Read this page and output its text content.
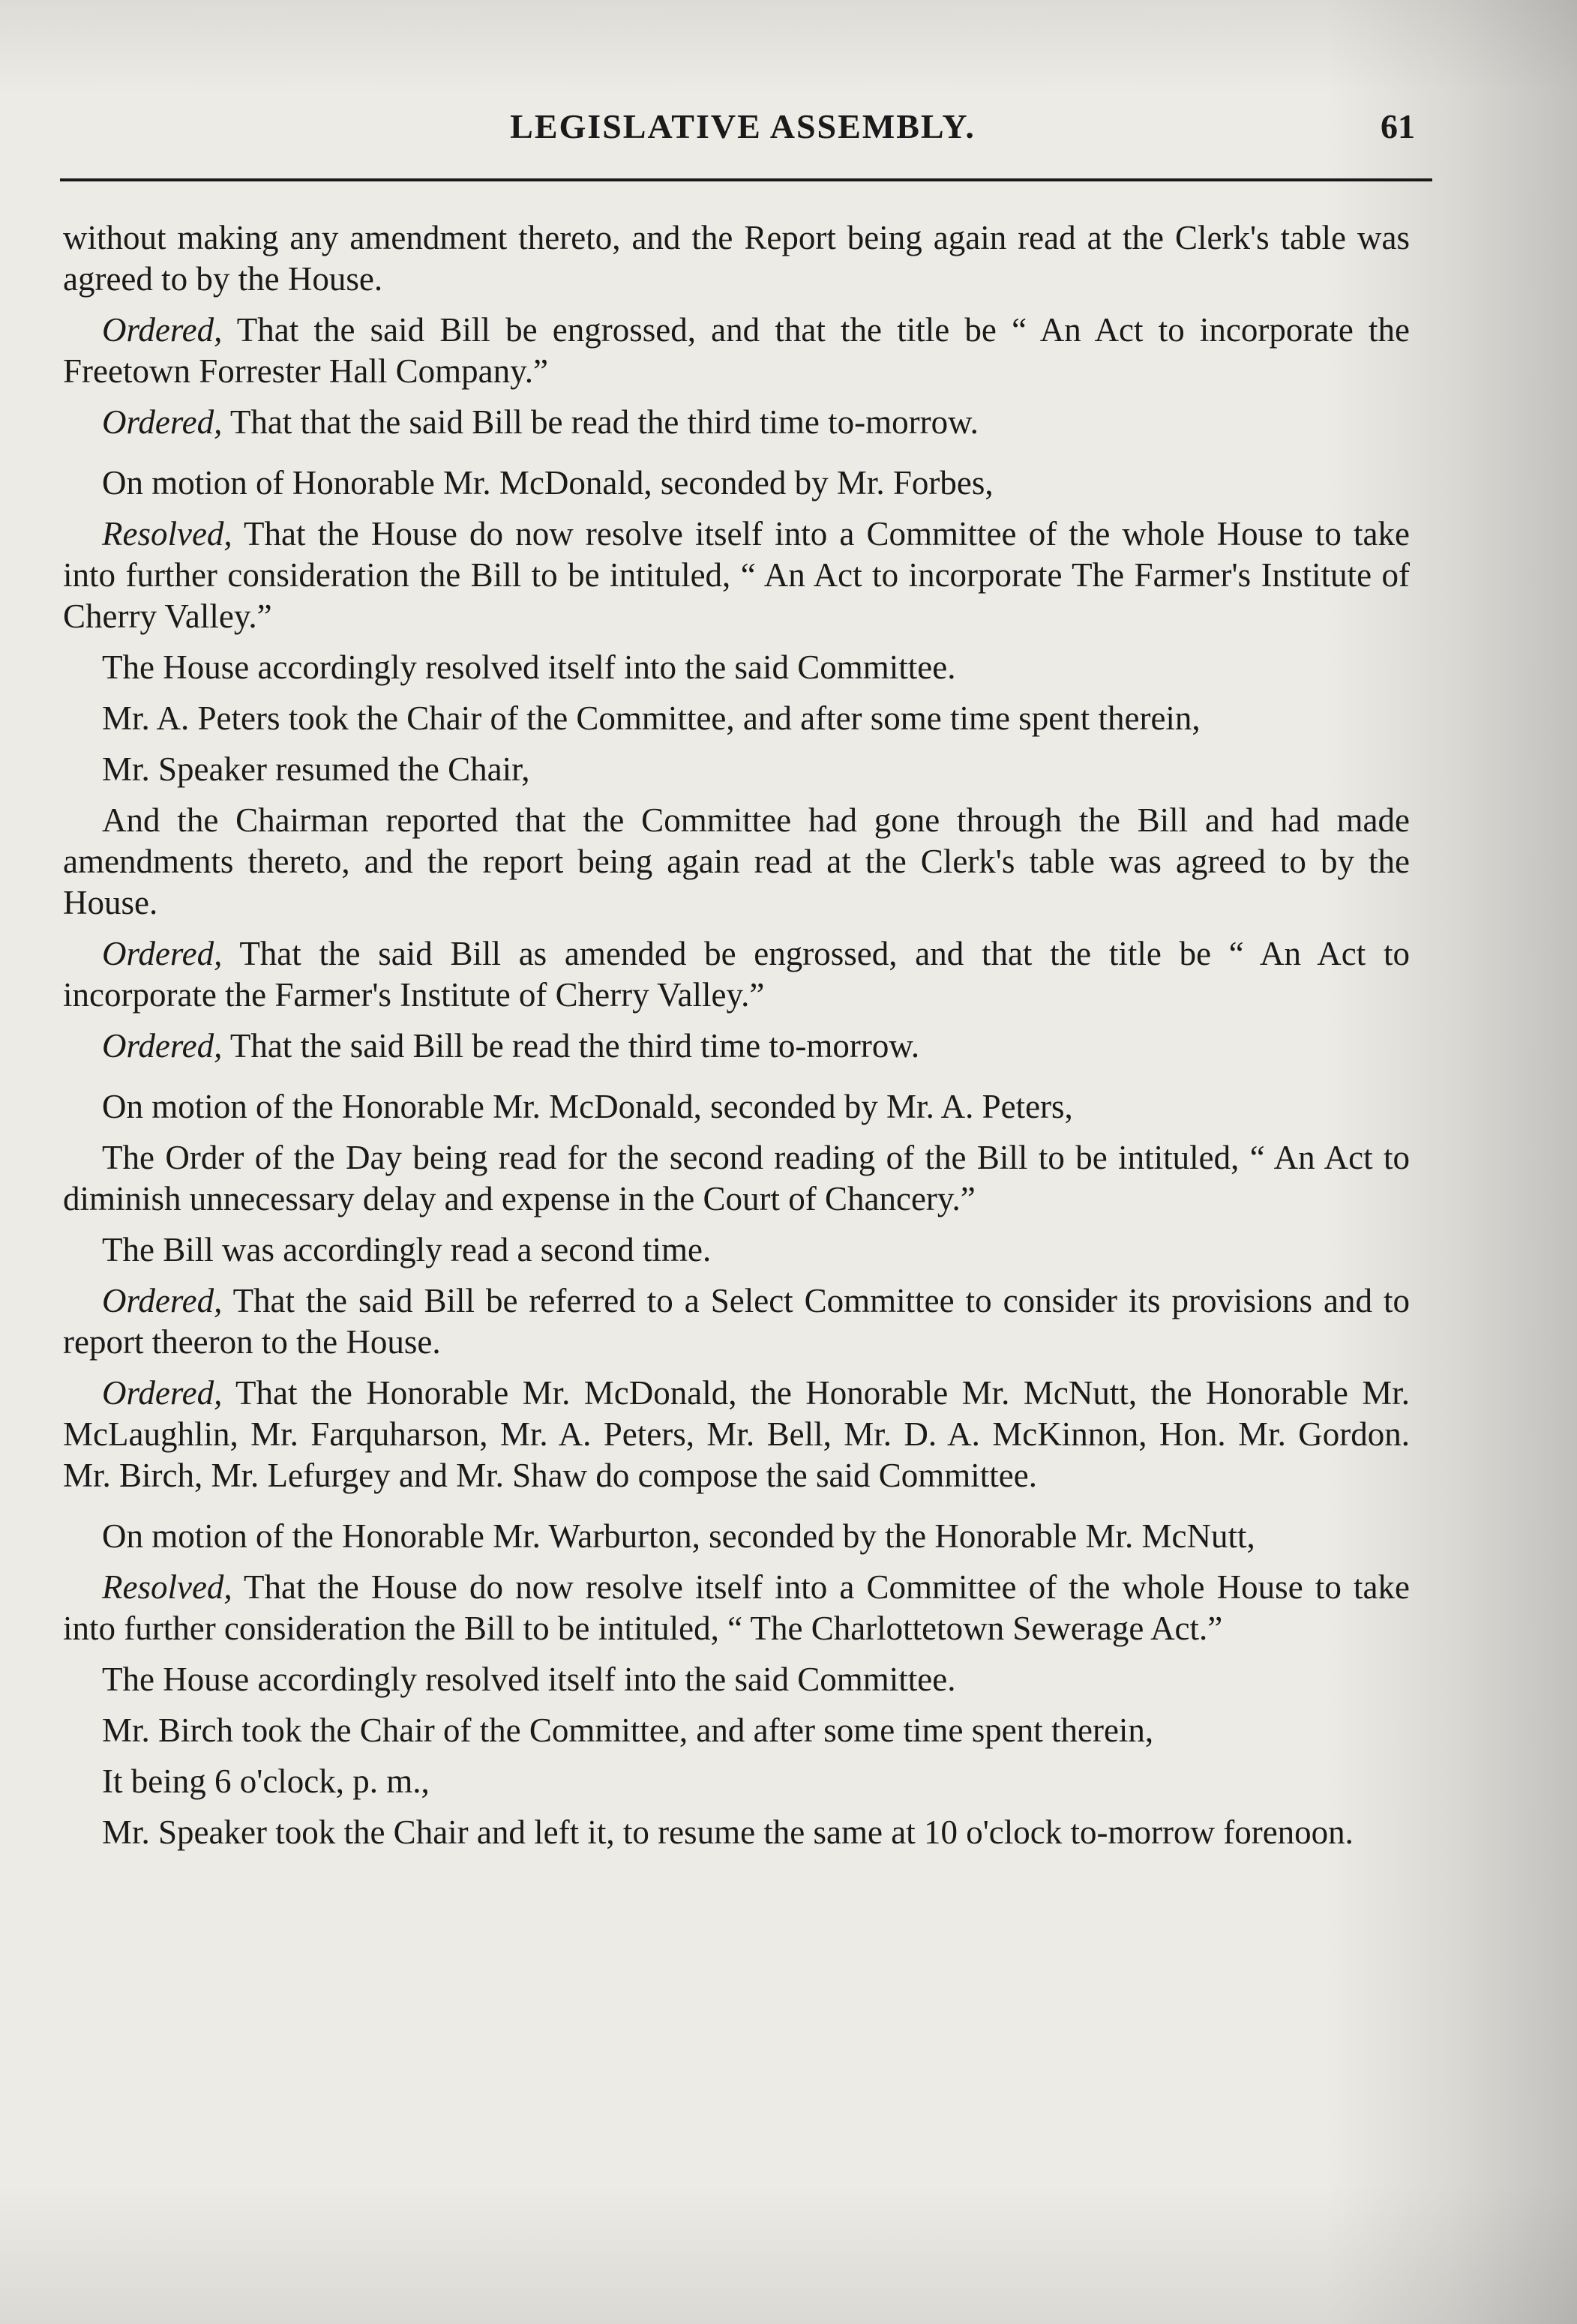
LEGISLATIVE ASSEMBLY.	61

without making any amendment thereto, and the Report being again read at the Clerk's table was agreed to by the House.

Ordered, That the said Bill be engrossed, and that the title be “ An Act to incorporate the Freetown Forrester Hall Company.”

Ordered, That that the said Bill be read the third time to-morrow.

On motion of Honorable Mr. McDonald, seconded by Mr. Forbes,

Resolved, That the House do now resolve itself into a Committee of the whole House to take into further consideration the Bill to be intituled, “ An Act to incorporate The Farmer's Institute of Cherry Valley.”

The House accordingly resolved itself into the said Committee.

Mr. A. Peters took the Chair of the Committee, and after some time spent therein,

Mr. Speaker resumed the Chair,

And the Chairman reported that the Committee had gone through the Bill and had made amendments thereto, and the report being again read at the Clerk's table was agreed to by the House.

Ordered, That the said Bill as amended be engrossed, and that the title be “ An Act to incorporate the Farmer's Institute of Cherry Valley.”

Ordered, That the said Bill be read the third time to-morrow.

On motion of the Honorable Mr. McDonald, seconded by Mr. A. Peters,

The Order of the Day being read for the second reading of the Bill to be intituled, “ An Act to diminish unnecessary delay and expense in the Court of Chancery.”

The Bill was accordingly read a second time.

Ordered, That the said Bill be referred to a Select Committee to consider its provisions and to report theeron to the House.

Ordered, That the Honorable Mr. McDonald, the Honorable Mr. McNutt, the Honorable Mr. McLaughlin, Mr. Farquharson, Mr. A. Peters, Mr. Bell, Mr. D. A. McKinnon, Hon. Mr. Gordon. Mr. Birch, Mr. Lefurgey and Mr. Shaw do compose the said Committee.

On motion of the Honorable Mr. Warburton, seconded by the Honorable Mr. McNutt,

Resolved, That the House do now resolve itself into a Committee of the whole House to take into further consideration the Bill to be intituled, “ The Charlottetown Sewerage Act.”

The House accordingly resolved itself into the said Committee.

Mr. Birch took the Chair of the Committee, and after some time spent therein,

It being 6 o'clock, p. m.,

Mr. Speaker took the Chair and left it, to resume the same at 10 o'clock to-morrow forenoon.
